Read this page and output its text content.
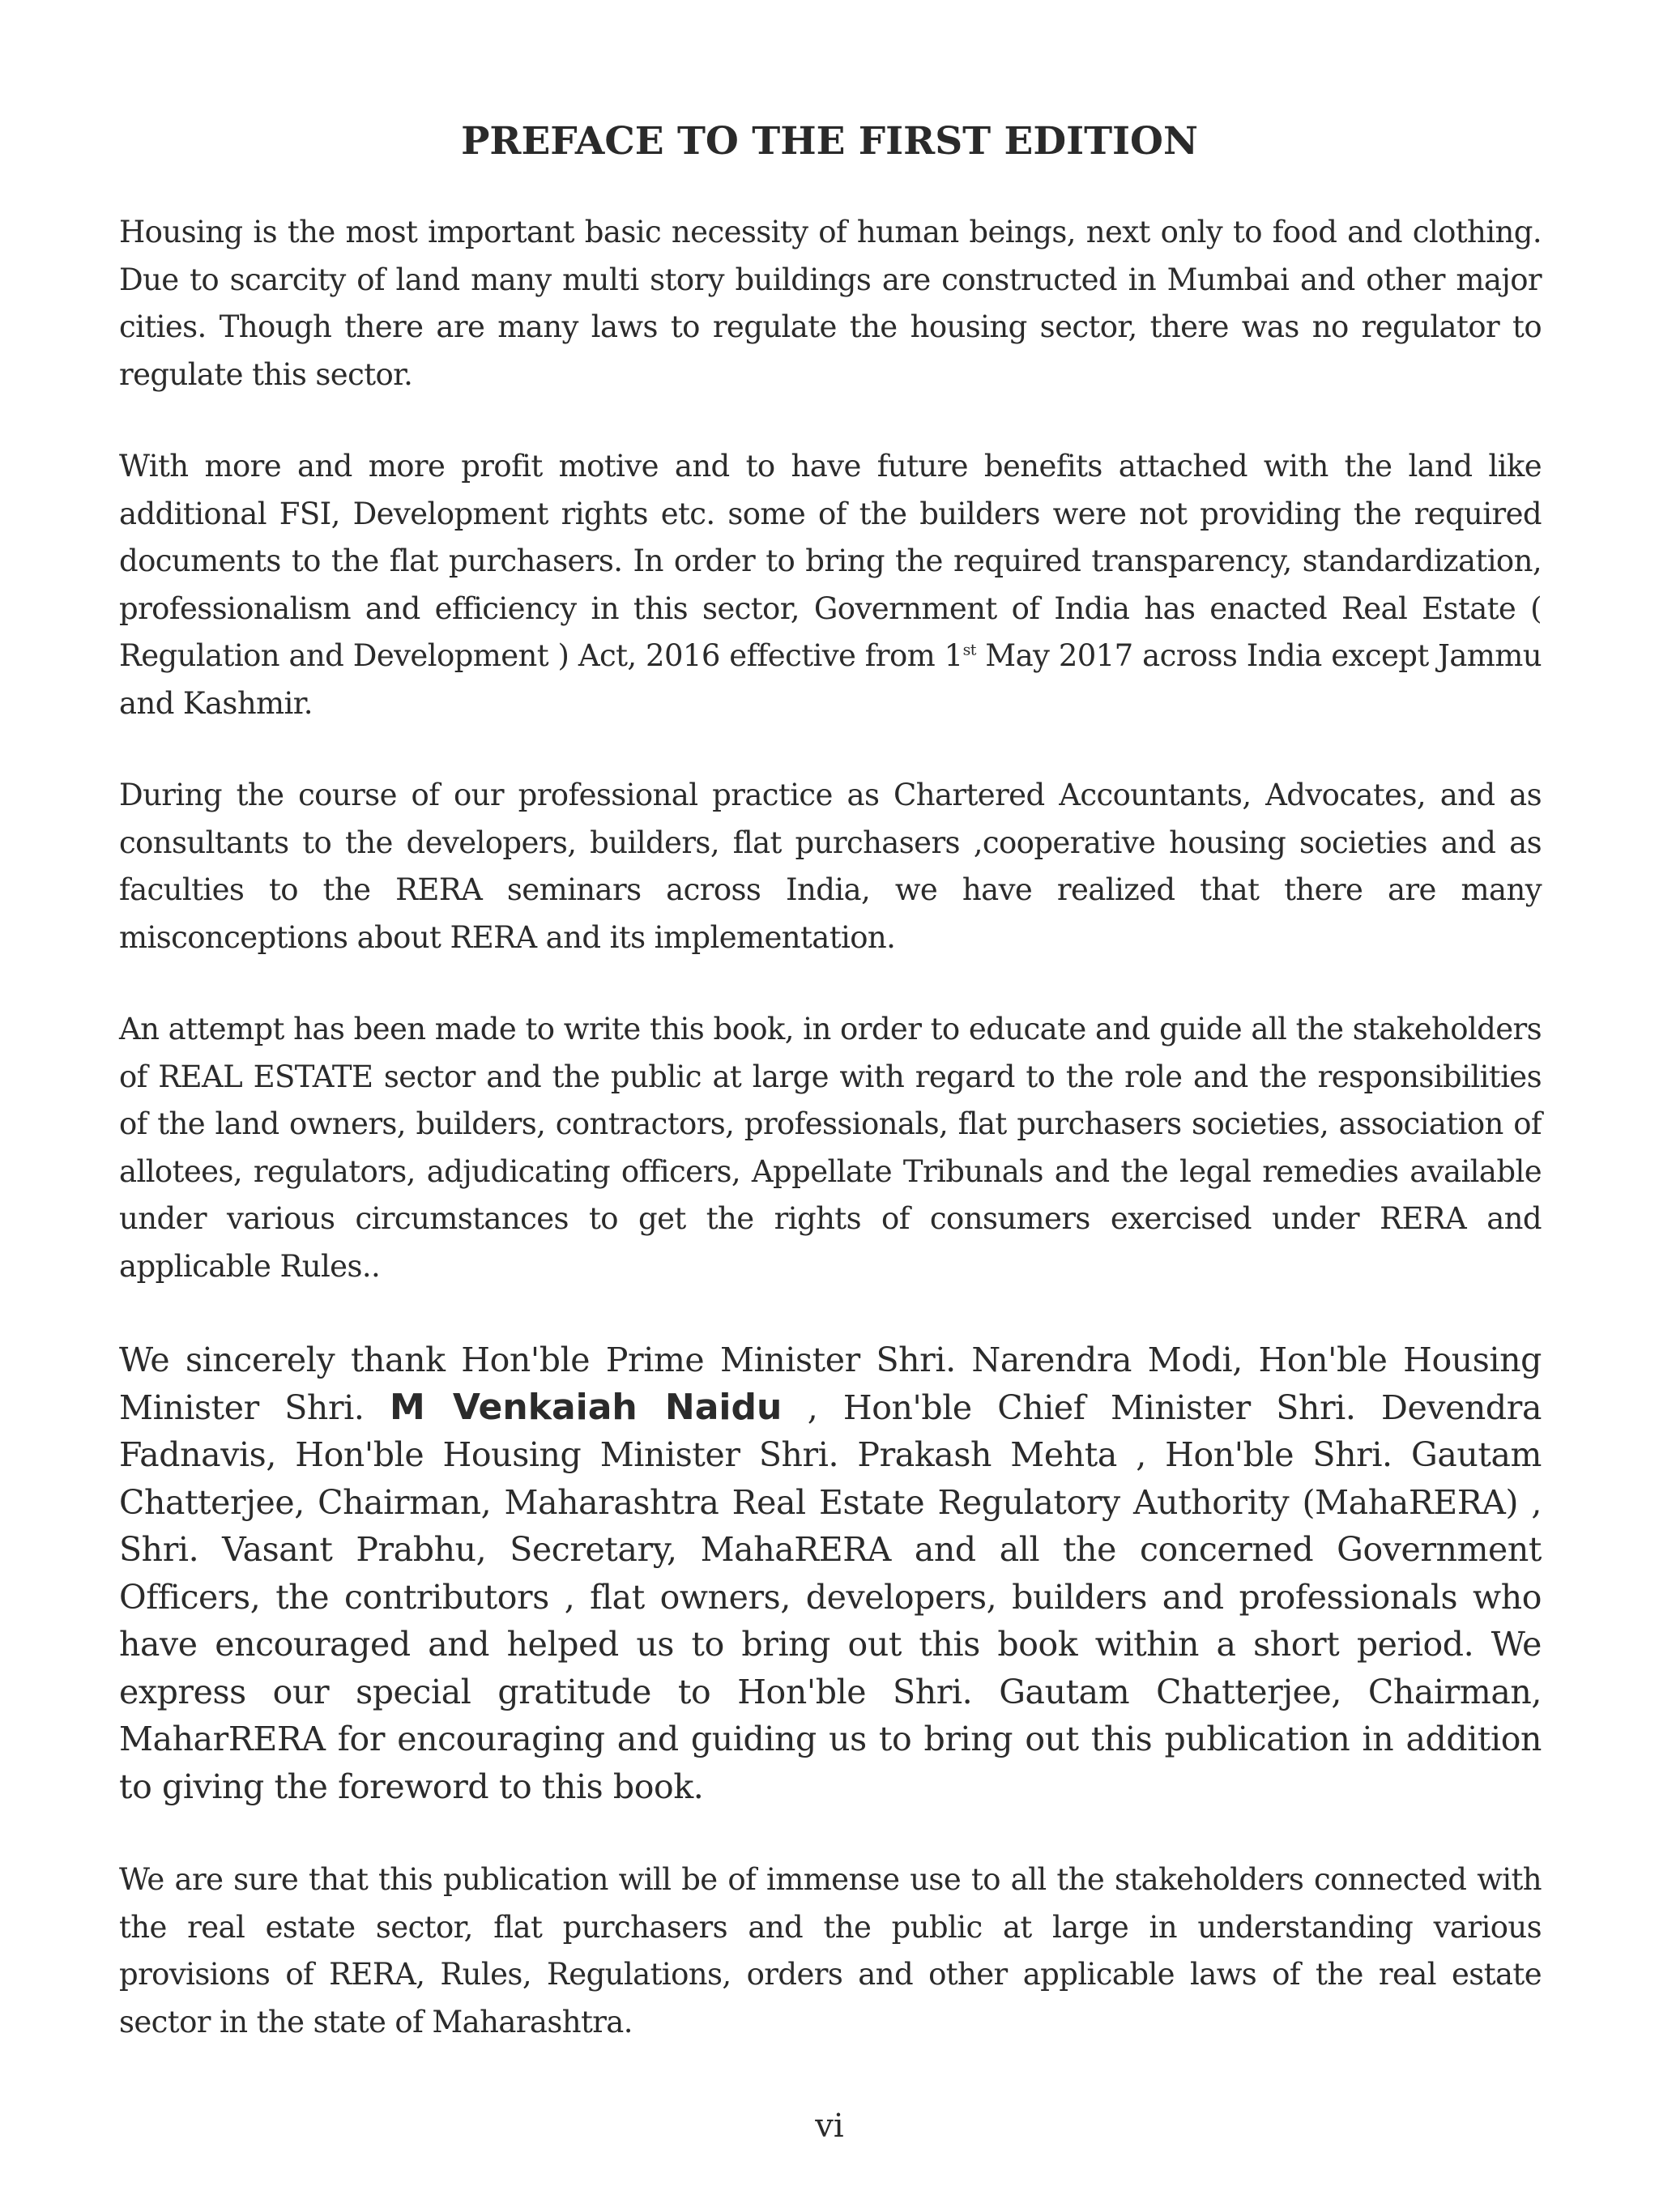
PREFACE TO THE FIRST EDITION

Housing is the most important basic necessity of human beings, next only to food and clothing. Due to scarcity of land many multi story buildings are constructed in Mumbai and other major cities. Though there are many laws to regulate the housing sector, there was no regulator to regulate this sector.

With more and more profit motive and to have future benefits attached with the land like additional FSI, Development rights etc. some of the builders were not providing the required documents to the flat purchasers. In order to bring the required transparency, standardization, professionalism and efficiency in this sector, Government of India has enacted Real Estate ( Regulation and Development ) Act, 2016 effective from 1st May 2017 across India except Jammu and Kashmir.

During the course of our professional practice as Chartered Accountants, Advocates, and as consultants to the developers, builders, flat purchasers ,cooperative housing societies and as faculties to the RERA seminars across India, we have realized that there are many misconceptions about RERA and its implementation.

An attempt has been made to write this book, in order to educate and guide all the stakeholders of REAL ESTATE sector and the public at large with regard to the role and the responsibilities of the land owners, builders, contractors, professionals, flat purchasers societies, association of allotees, regulators, adjudicating officers, Appellate Tribunals and the legal remedies available under various circumstances to get the rights of consumers exercised under RERA and applicable Rules..

We sincerely thank Hon'ble Prime Minister Shri. Narendra Modi, Hon'ble Housing Minister Shri. M Venkaiah Naidu , Hon'ble Chief Minister Shri. Devendra Fadnavis, Hon'ble Housing Minister Shri. Prakash Mehta , Hon'ble Shri. Gautam Chatterjee, Chairman, Maharashtra Real Estate Regulatory Authority (MahaRERA) , Shri. Vasant Prabhu, Secretary, MahaRERA and all the concerned Government Officers, the contributors , flat owners, developers, builders and professionals who have encouraged and helped us to bring out this book within a short period. We express our special gratitude to Hon'ble Shri. Gautam Chatterjee, Chairman, MaharRERA for encouraging and guiding us to bring out this publication in addition to giving the foreword to this book.

We are sure that this publication will be of immense use to all the stakeholders connected with the real estate sector, flat purchasers and the public at large in understanding various provisions of RERA, Rules, Regulations, orders and other applicable laws of the real estate sector in the state of Maharashtra.

vi
